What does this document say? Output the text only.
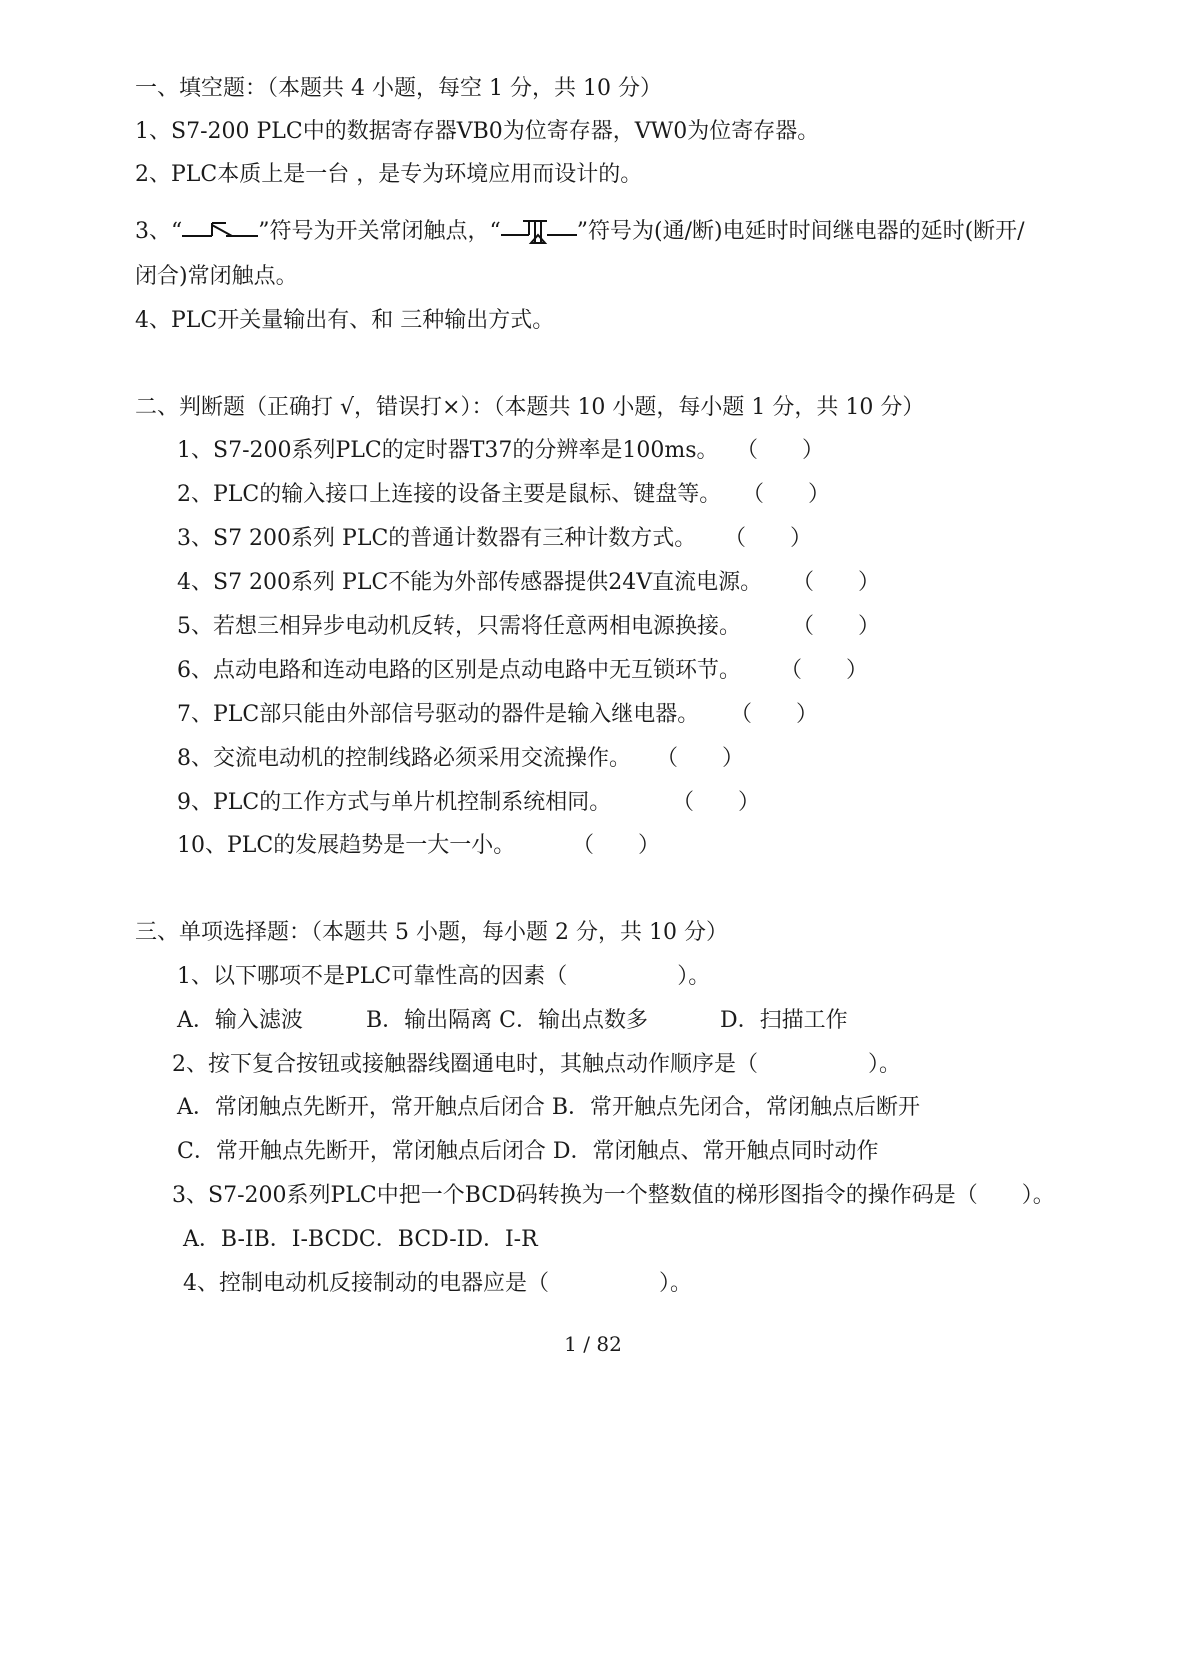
一、填空题：（本题共 4 小题，每空 1 分，共 10 分）
1、S7-200 PLC中的数据寄存器VB0为位寄存器，VW0为位寄存器。
2、PLC本质上是一台 ，是专为环境应用而设计的。
3、“	”符号为开关常闭触点，“	”符号为(通/断)电延时时间继电器的延时(断开/
闭合)常闭触点。
4、PLC开关量输出有、和 三种输出方式。
二、判断题（正确打 √，错误打×）：（本题共 10 小题，每小题 1 分，共 10 分）
1、S7-200系列PLC的定时器T37的分辨率是100ms。 （　　）
2、PLC的输入接口上连接的设备主要是鼠标、键盘等。 （　　）
3、S7 200系列 PLC的普通计数器有三种计数方式。 （　　）
4、S7 200系列 PLC不能为外部传感器提供24V直流电源。 （　　）
5、若想三相异步电动机反转，只需将任意两相电源换接。 （　　）
6、点动电路和连动电路的区别是点动电路中无互锁环节。 （　　）
7、PLC部只能由外部信号驱动的器件是输入继电器。 （　　）
8、交流电动机的控制线路必须采用交流操作。 （　　）
9、PLC的工作方式与单片机控制系统相同。	（　　）
10、PLC的发展趋势是一大一小。	（　　）
三、单项选择题：（本题共 5 小题，每小题 2 分，共 10 分）
1、以下哪项不是PLC可靠性高的因素（　　　　　）。
A．输入滤波	B．输出隔离 C．输出点数多	D．扫描工作
2、按下复合按钮或接触器线圈通电时，其触点动作顺序是（　　　　　）。
A．常闭触点先断开，常开触点后闭合 B．常开触点先闭合，常闭触点后断开
C．常开触点先断开，常闭触点后闭合 D．常闭触点、常开触点同时动作
3、S7-200系列PLC中把一个BCD码转换为一个整数值的梯形图指令的操作码是（　　）。
A．B-IB．I-BCDC．BCD-ID．I-R
4、控制电动机反接制动的电器应是（　　　　　）。
1 / 82
